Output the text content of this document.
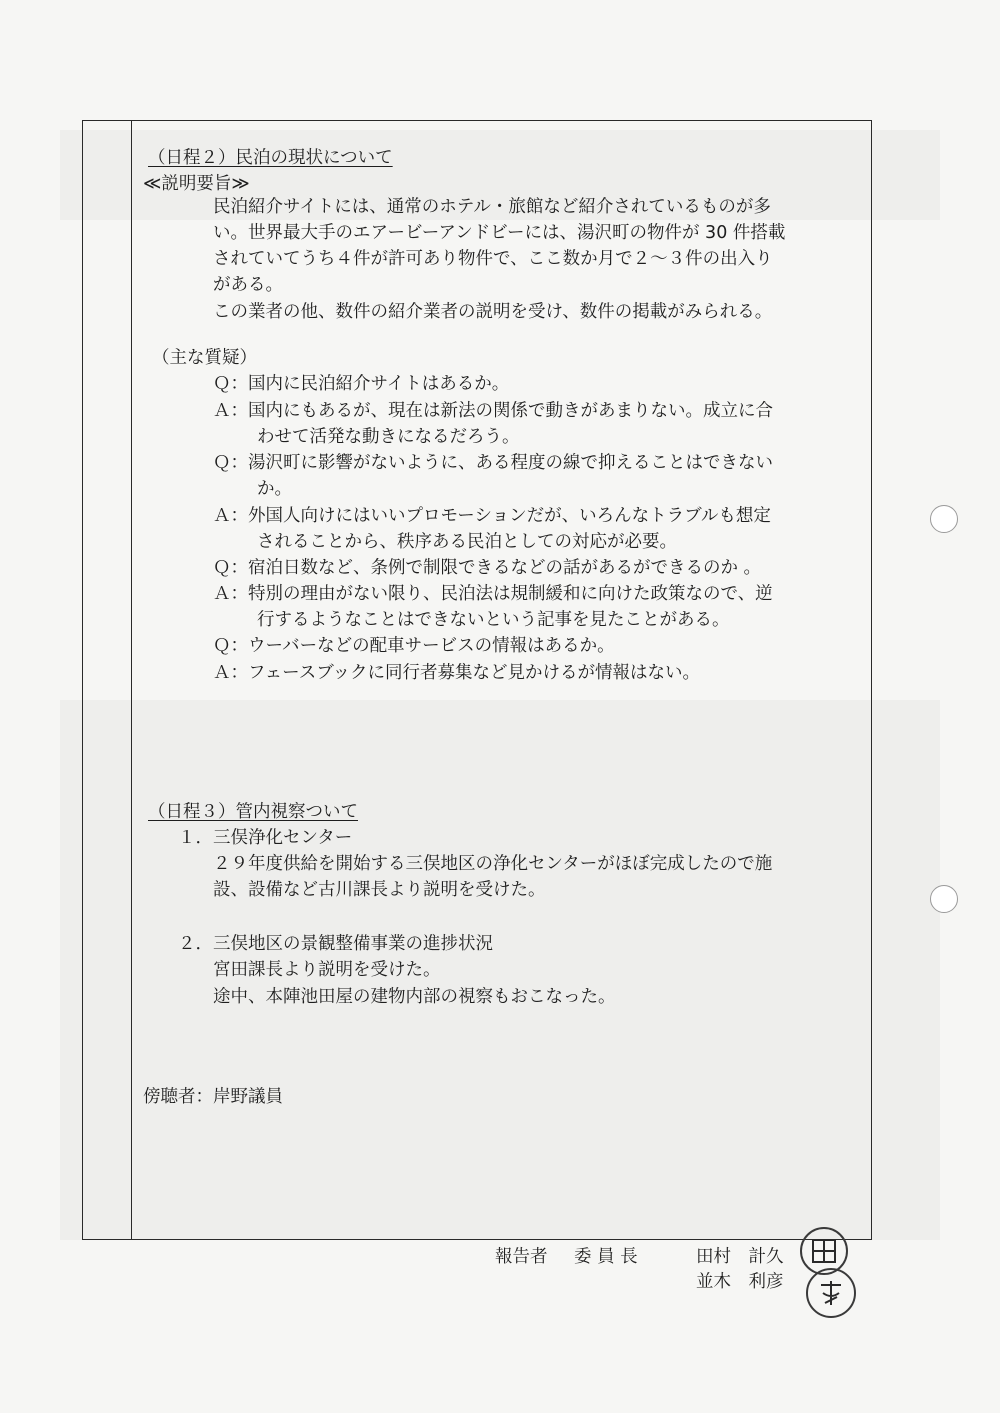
（日程２）民泊の現状について
≪説明要旨≫
民泊紹介サイトには、通常のホテル・旅館など紹介されているものが多
い。世界最大手のエアービーアンドビーには、湯沢町の物件が 30 件搭載
されていてうち４件が許可あり物件で、ここ数か月で２～３件の出入り
がある。
この業者の他、数件の紹介業者の説明を受け、数件の掲載がみられる。
（主な質疑）
Ｑ：国内に民泊紹介サイトはあるか。
Ａ：国内にもあるが、現在は新法の関係で動きがあまりない。成立に合
わせて活発な動きになるだろう。
Ｑ：湯沢町に影響がないように、ある程度の線で抑えることはできない
か。
Ａ：外国人向けにはいいプロモーションだが、いろんなトラブルも想定
されることから、秩序ある民泊としての対応が必要。
Ｑ：宿泊日数など、条例で制限できるなどの話があるができるのか 。
Ａ：特別の理由がない限り、民泊法は規制緩和に向けた政策なので、逆
行するようなことはできないという記事を見たことがある。
Ｑ：ウーバーなどの配車サービスの情報はあるか。
Ａ：フェースブックに同行者募集など見かけるが情報はない。
（日程３）管内視察ついて
１．三俣浄化センター
２９年度供給を開始する三俣地区の浄化センターがほぼ完成したので施
設、設備など古川課長より説明を受けた。
２．三俣地区の景観整備事業の進捗状況
宮田課長より説明を受けた。
途中、本陣池田屋の建物内部の視察もおこなった。
傍聴者：岸野議員
報告者 委 員 長	田村　計久
並木　利彦
